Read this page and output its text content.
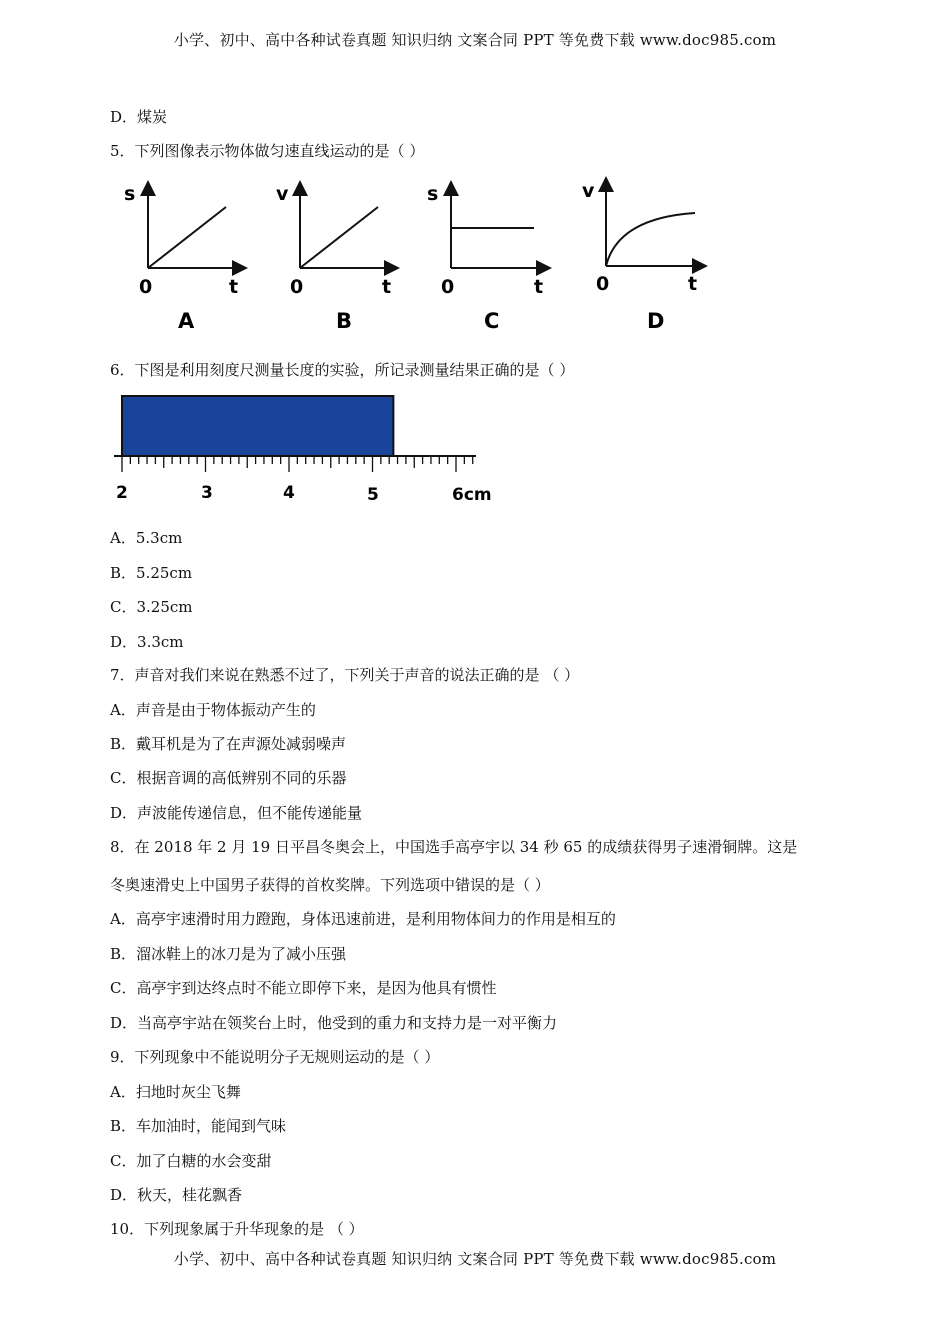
小学、初中、高中各种试卷真题 知识归纳 文案合同 PPT 等免费下载 www.doc985.com
D．煤炭
5．下列图像表示物体做匀速直线运动的是（ ）
s
0	t
A
v
0	t
B
s
0	t
C
v
0	t
D
6．下图是利用刻度尺测量长度的实验，所记录测量结果正确的是（ ）
2	3	4	5	6cm
A．5.3cm
B．5.25cm
C．3.25cm
D．3.3cm
7．声音对我们来说在熟悉不过了，下列关于声音的说法正确的是 （ ）
A．声音是由于物体振动产生的
B．戴耳机是为了在声源处减弱噪声
C．根据音调的高低辨别不同的乐器
D．声波能传递信息，但不能传递能量
8．在 2018 年 2 月 19 日平昌冬奥会上，中国选手高亭宇以 34 秒 65 的成绩获得男子速滑铜牌。这是
冬奥速滑史上中国男子获得的首枚奖牌。下列选项中错误的是（ ）
A．高亭宇速滑时用力蹬跑，身体迅速前进，是利用物体间力的作用是相互的
B．溜冰鞋上的冰刀是为了减小压强
C．高亭宇到达终点时不能立即停下来，是因为他具有惯性
D．当高亭宇站在领奖台上时，他受到的重力和支持力是一对平衡力
9．下列现象中不能说明分子无规则运动的是（ ）
A．扫地时灰尘飞舞
B．车加油时，能闻到气味
C．加了白糖的水会变甜
D．秋天，桂花飘香
10．下列现象属于升华现象的是 （ ）
小学、初中、高中各种试卷真题 知识归纳 文案合同 PPT 等免费下载 www.doc985.com
